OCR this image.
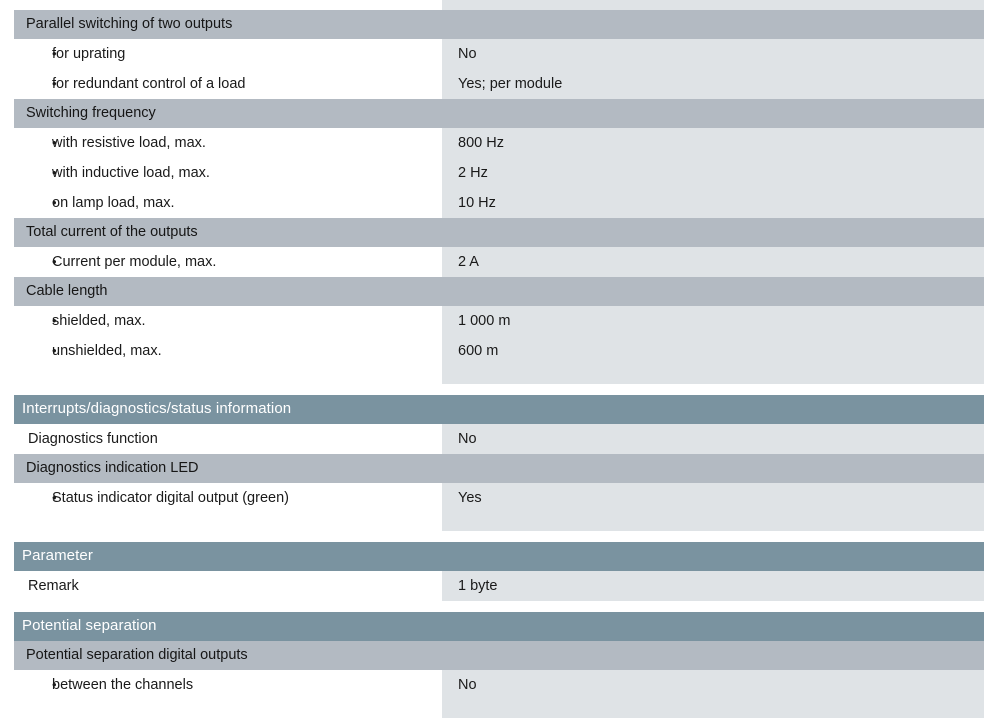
Parallel switching of two outputs	
•for uprating	No
•for redundant control of a load	Yes; per module
Switching frequency	
•with resistive load, max.	800 Hz
•with inductive load, max.	2 Hz
•on lamp load, max.	10 Hz
Total current of the outputs	
•Current per module, max.	2 A
Cable length	
•shielded, max.	1 000 m
•unshielded, max.	600 m
Interrupts/diagnostics/status information	
Diagnostics function	No
Diagnostics indication LED	
•Status indicator digital output (green)	Yes
Parameter
Remark	1 byte
Potential separation	
Potential separation digital outputs	
•between the channels	No
